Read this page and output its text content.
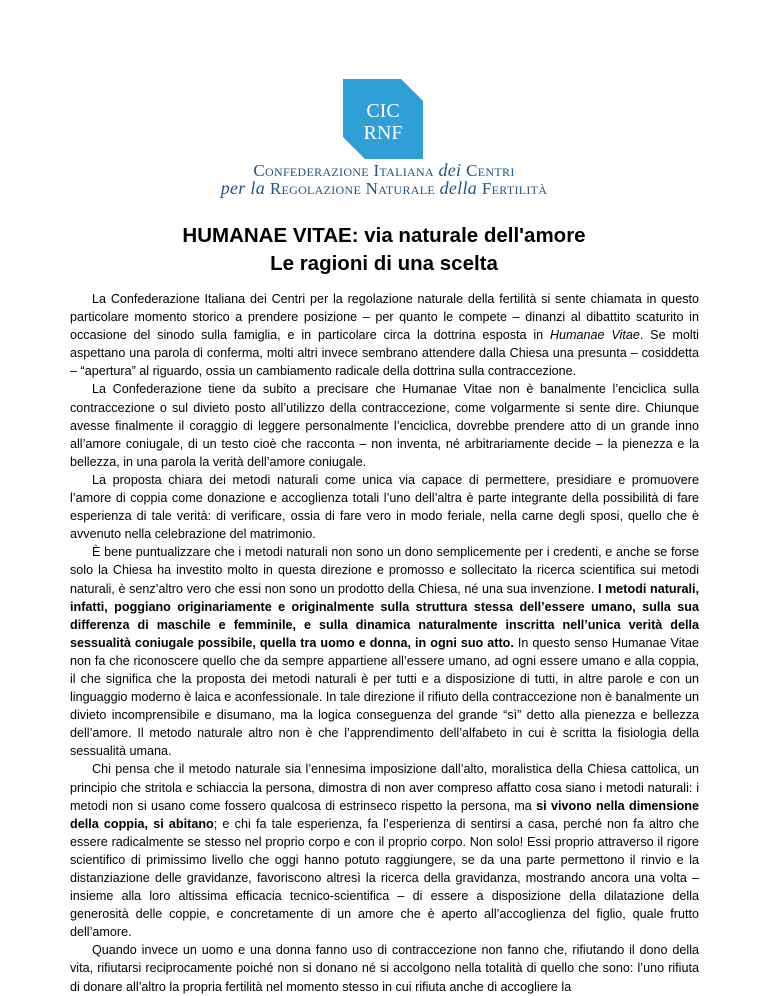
CIC
RNF
Confederazione Italiana dei Centri
per la Regolazione Naturale della Fertilità
HUMANAE VITAE: via naturale dell'amore
Le ragioni di una scelta

La Confederazione Italiana dei Centri per la regolazione naturale della fertilità si sente chiamata in questo particolare momento storico a prendere posizione – per quanto le compete – dinanzi al dibattito scaturito in occasione del sinodo sulla famiglia, e in particolare circa la dottrina esposta in Humanae Vitae. Se molti aspettano una parola di conferma, molti altri invece sembrano attendere dalla Chiesa una presunta – cosiddetta – “apertura” al riguardo, ossia un cambiamento radicale della dottrina sulla contraccezione.

La Confederazione tiene da subito a precisare che Humanae Vitae non è banalmente l’enciclica sulla contraccezione o sul divieto posto all’utilizzo della contraccezione, come volgarmente si sente dire. Chiunque avesse finalmente il coraggio di leggere personalmente l’enciclica, dovrebbe prendere atto di un grande inno all’amore coniugale, di un testo cioè che racconta – non inventa, né arbitrariamente decide – la pienezza e la bellezza, in una parola la verità dell’amore coniugale.

La proposta chiara dei metodi naturali come unica via capace di permettere, presidiare e promuovere l’amore di coppia come donazione e accoglienza totali l’uno dell’altra è parte integrante della possibilità di fare esperienza di tale verità: di verificare, ossia di fare vero in modo feriale, nella carne degli sposi, quello che è avvenuto nella celebrazione del matrimonio.

È bene puntualizzare che i metodi naturali non sono un dono semplicemente per i credenti, e anche se forse solo la Chiesa ha investito molto in questa direzione e promosso e sollecitato la ricerca scientifica sui metodi naturali, è senz’altro vero che essi non sono un prodotto della Chiesa, né una sua invenzione. I metodi naturali, infatti, poggiano originariamente e originalmente sulla struttura stessa dell’essere umano, sulla sua differenza di maschile e femminile, e sulla dinamica naturalmente inscritta nell’unica verità della sessualità coniugale possibile, quella tra uomo e donna, in ogni suo atto. In questo senso Humanae Vitae non fa che riconoscere quello che da sempre appartiene all’essere umano, ad ogni essere umano e alla coppia, il che significa che la proposta dei metodi naturali è per tutti e a disposizione di tutti, in altre parole e con un linguaggio moderno è laica e aconfessionale. In tale direzione il rifiuto della contraccezione non è banalmente un divieto incomprensibile e disumano, ma la logica conseguenza del grande “sì” detto alla pienezza e bellezza dell’amore. Il metodo naturale altro non è che l’apprendimento dell’alfabeto in cui è scritta la fisiologia della sessualità umana.

Chi pensa che il metodo naturale sia l’ennesima imposizione dall’alto, moralistica della Chiesa cattolica, un principio che stritola e schiaccia la persona, dimostra di non aver compreso affatto cosa siano i metodi naturali: i metodi non si usano come fossero qualcosa di estrinseco rispetto la persona, ma si vivono nella dimensione della coppia, si abitano; e chi fa tale esperienza, fa l’esperienza di sentirsi a casa, perché non fa altro che essere radicalmente se stesso nel proprio corpo e con il proprio corpo. Non solo! Essi proprio attraverso il rigore scientifico di primissimo livello che oggi hanno potuto raggiungere, se da una parte permettono il rinvio e la distanziazione delle gravidanze, favoriscono altresì la ricerca della gravidanza, mostrando ancora una volta – insieme alla loro altissima efficacia tecnico-scientifica – di essere a disposizione della dilatazione della generosità delle coppie, e concretamente di un amore che è aperto all’accoglienza del figlio, quale frutto dell’amore.

Quando invece un uomo e una donna fanno uso di contraccezione non fanno che, rifiutando il dono della vita, rifiutarsi reciprocamente poiché non si donano né si accolgono nella totalità di quello che sono: l’uno rifiuta di donare all’altro la propria fertilità nel momento stesso in cui rifiuta anche di accogliere la
